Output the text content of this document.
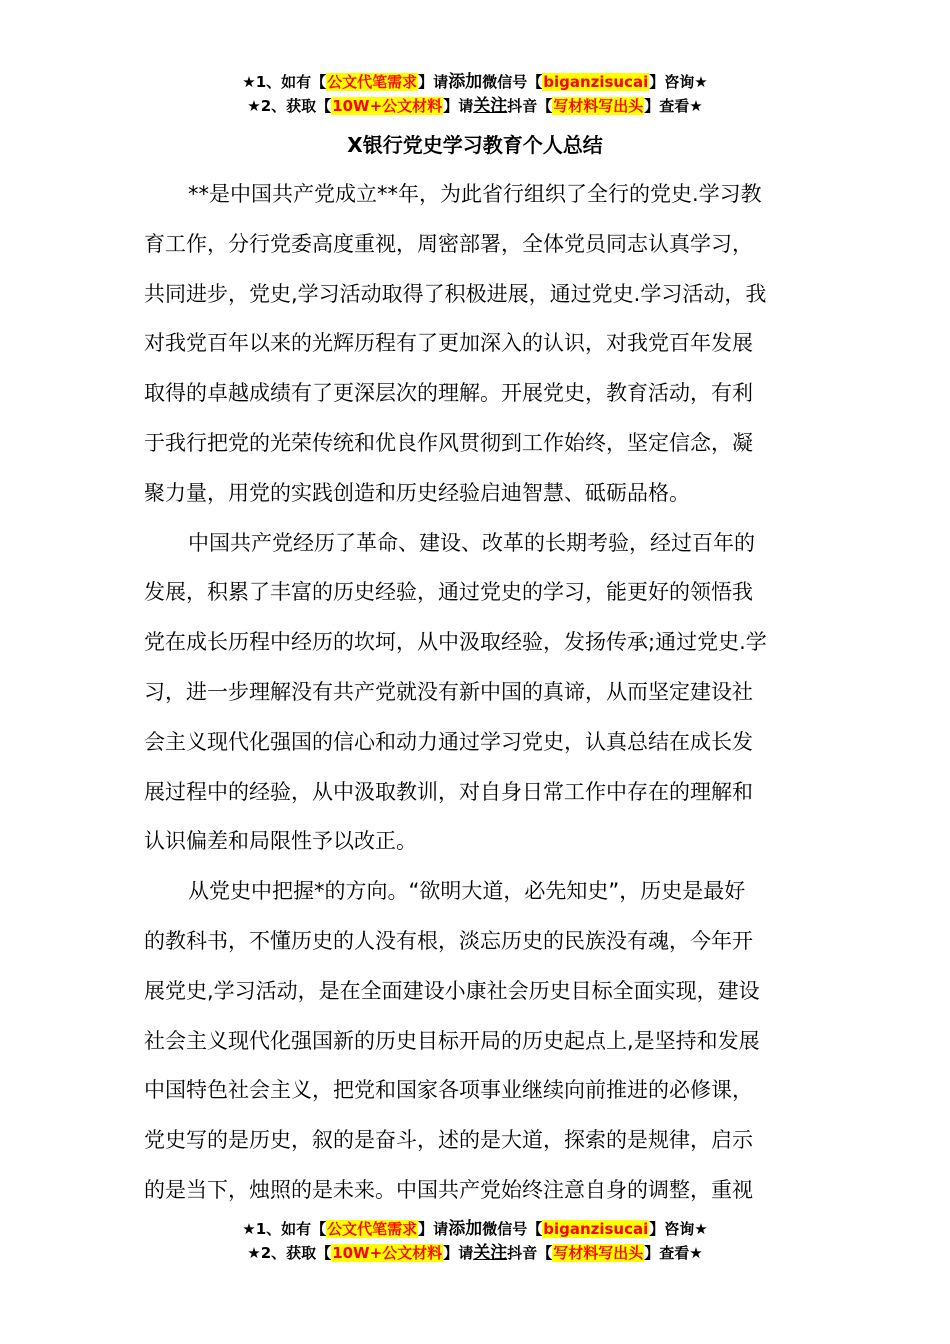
★1、如有【公文代笔需求】请添加微信号【biganzisucai】咨询★
★2、获取【10W+公文材料】请关注抖音【写材料写出头】查看★
X银行党史学习教育个人总结
**是中国共产党成立**年，为此省行组织了全行的党史.学习教
育工作，分行党委高度重视，周密部署，全体党员同志认真学习，
共同进步，党史,学习活动取得了积极进展，通过党史.学习活动，我
对我党百年以来的光辉历程有了更加深入的认识，对我党百年发展
取得的卓越成绩有了更深层次的理解。开展党史，教育活动，有利
于我行把党的光荣传统和优良作风贯彻到工作始终，坚定信念，凝
聚力量，用党的实践创造和历史经验启迪智慧、砥砺品格。
中国共产党经历了革命、建设、改革的长期考验，经过百年的
发展，积累了丰富的历史经验，通过党史的学习，能更好的领悟我
党在成长历程中经历的坎坷，从中汲取经验，发扬传承;通过党史.学
习，进一步理解没有共产党就没有新中国的真谛，从而坚定建设社
会主义现代化强国的信心和动力通过学习党史，认真总结在成长发
展过程中的经验，从中汲取教训，对自身日常工作中存在的理解和
认识偏差和局限性予以改正。
从党史中把握*的方向。“欲明大道，必先知史”，历史是最好
的教科书，不懂历史的人没有根，淡忘历史的民族没有魂，今年开
展党史,学习活动，是在全面建设小康社会历史目标全面实现，建设
社会主义现代化强国新的历史目标开局的历史起点上,是坚持和发展
中国特色社会主义，把党和国家各项事业继续向前推进的必修课，
党史写的是历史，叙的是奋斗，述的是大道，探索的是规律，启示
的是当下，烛照的是未来。中国共产党始终注意自身的调整，重视
★1、如有【公文代笔需求】请添加微信号【biganzisucai】咨询★
★2、获取【10W+公文材料】请关注抖音【写材料写出头】查看★
